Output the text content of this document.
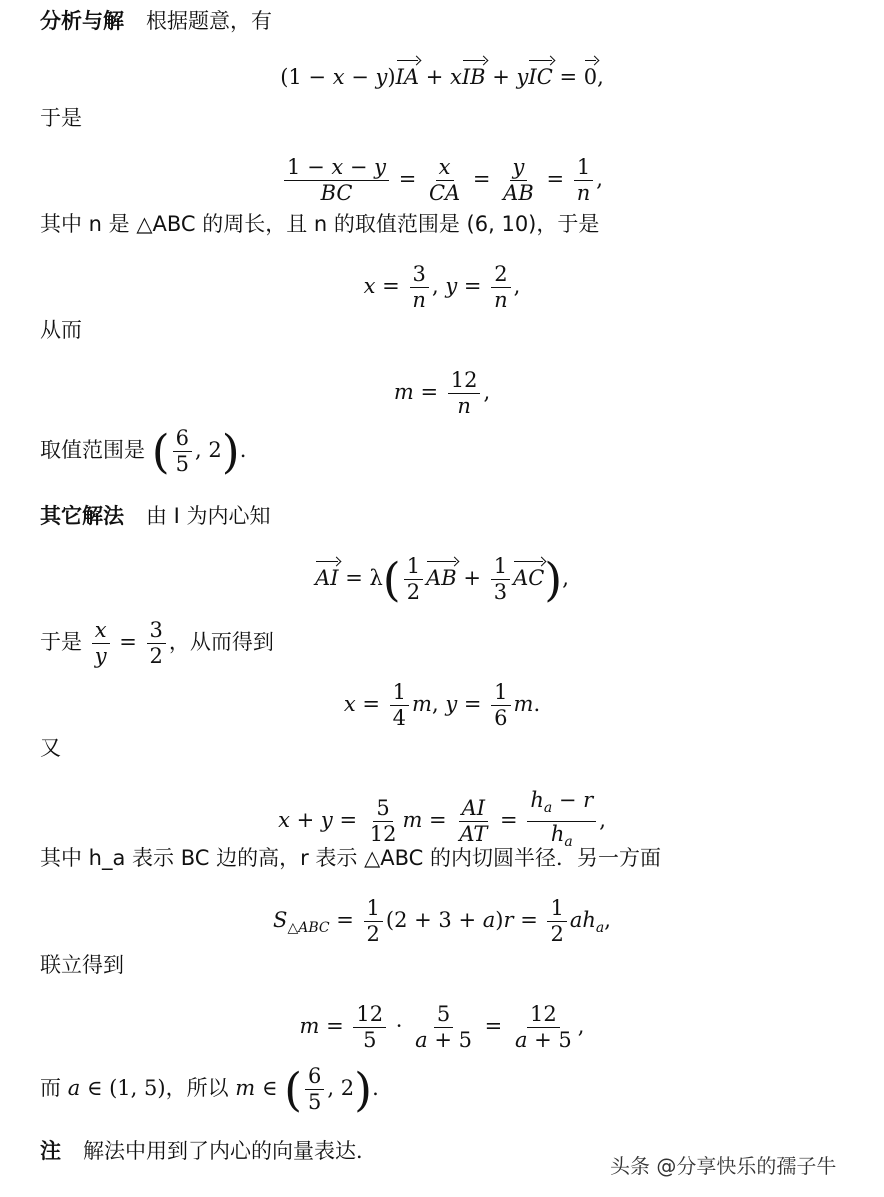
分析与解 根据题意，有
(1 − x − y)IA + xIB + yIC = 0,
于是
$\frac{1 - x - y}{BC} = \frac{x}{CA} = \frac{y}{AB} = \frac{1}{n}$ ,
其中 n 是 △ABC 的周长，且 n 的取值范围是 (6, 10)，于是
$x = \frac{3}{n}$ , $y = \frac{2}{n}$ ,
从而
$m = \frac{12}{n}$ ,
取值范围是 ( $\frac{6}{5}$ , 2).
其它解法 由 I 为内心知
AI = $\lambda( \frac{1}{2}$ AB + $\frac{1}{3} AC$),
于是 $\frac{x}{y} = \frac{3}{2}$ ，从而得到
$x = \frac{1}{4} m$, $y = \frac{1}{6} m$.
又
$x + y = \frac{5}{12}$ $m = \frac{AI}{AT} = \frac{h_a - r}{h_a}$ ,
其中 h_a 表示 BC 边的高，r 表示 △ABC 的内切圆半径．另一方面
$S_{\triangle ABC} = \frac{1}{2} (2 + 3 + a)r = \frac{1}{2} ah_a$,
联立得到
$m = \frac{12}{5} \cdot \frac{5}{a + 5} = \frac{12}{a + 5}$ ,
而 a ∈ (1, 5)，所以 m ∈ ( $\frac{6}{5}$ , 2).
注 解法中用到了内心的向量表达．
头条 @分享快乐的孺子牛
